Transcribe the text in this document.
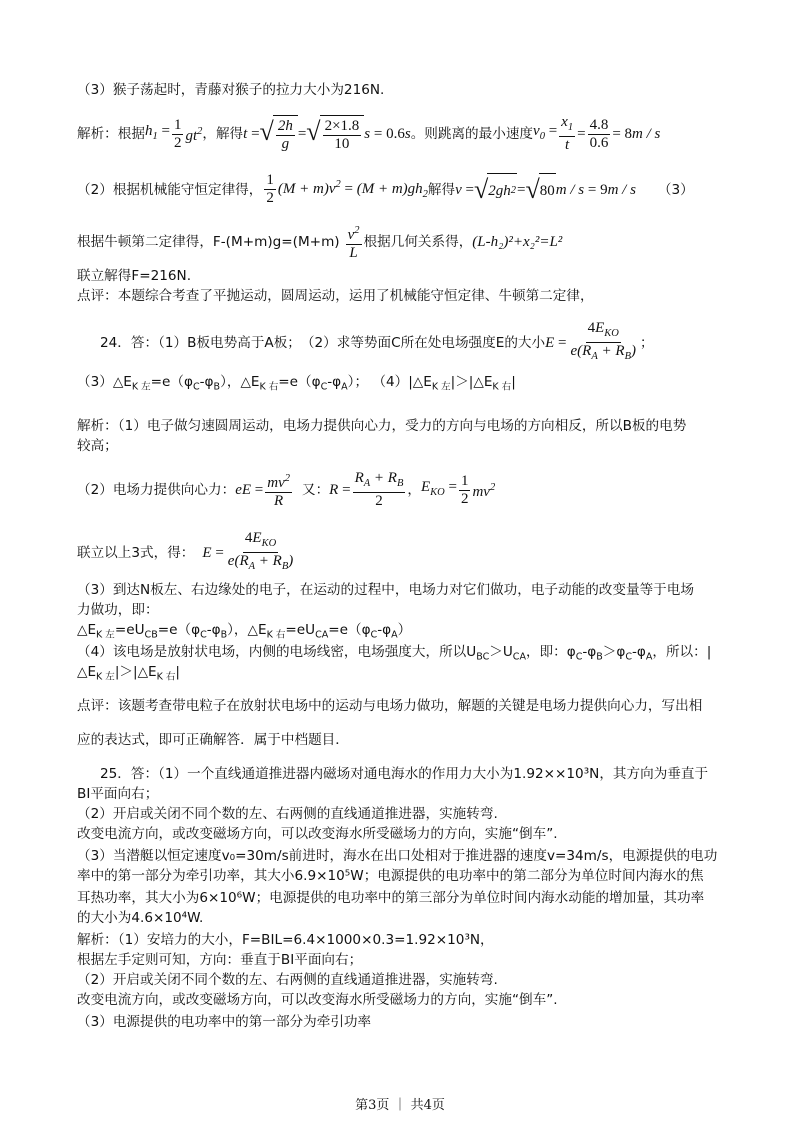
（3）猴子荡起时，青藤对猴子的拉力大小为216N.
解析：根据 $h_1 = \frac{1}{2} gt^2$ ，解得 t = √ $\frac{2h}{g}$ = √ $\frac{2\times 1.8}{10}$ s = 0.6s 。则跳离的最小速度 $v_0 = \frac{x_1}{t} = \frac{4.8}{0.6} = 8m / s$
（2）根据机械能守恒定律得， $\frac{1}{2} (M + m)v^2 = (M + m)gh_2$ 解得 v = √ 2gh 2 = √ 80 m / s = 9m / s （3）
根据牛顿第二定律得，$F-(M+m)g=(M+m) \frac{v^2}{L}$ 根据几何关系得， (L-h₂)²+x₂²=L²
联立解得F=216N.
点评：本题综合考查了平抛运动，圆周运动，运用了机械能守恒定律、牛顿第二定律，
24．答：（1）B板电势高于A板；　（2）求等势面C所在处电场强度E的大小 $E = \frac{4E_{KO}}{e(R_A + R_B)}$ ；
$(3)\triangle E_{K 左}=e(\varphi_C-\varphi_B)$，$\triangle E_{K 右}=e(\varphi_C-\varphi_A)$； $(4)|\triangle E_{K 左}|>|\triangle E_{K 右}|$
解析：（1）电子做匀速圆周运动，电场力提供向心力，受力的方向与电场的方向相反，所以B板的电势
较高；
（2）电场力提供向心力： eE = $\frac{mv^2}{R}$ 又： $R = \frac{R_A + R_B}{2}$ ， $E_{KO} = \frac{1}{2} mv^2$
联立以上3式，得： $E = \frac{4E_{KO}}{e(R_A + R_B)}$
（3）到达N板左、右边缘处的电子，在运动的过程中，电场力对它们做功，电子动能的改变量等于电场
力做功，即：
$\triangle E_{K 左}=eU_{CB}=e(\varphi_C-\varphi_B)$，$\triangle E_{K 右}=eU_{CA}=e(\varphi_C-\varphi_A)$
（4）该电场是放射状电场，内侧的电场线密，电场强度大，所以$U_{BC}>U_{CA}$，即：$\varphi_C-\varphi_B>\varphi_C-\varphi_A$，所以：|
$\triangle E_{K 左}|>|\triangle E_{K 右}|$
点评：该题考查带电粒子在放射状电场中的运动与电场力做功，解题的关键是电场力提供向心力，写出相
应的表达式，即可正确解答．属于中档题目．
25．答：（1）一个直线通道推进器内磁场对通电海水的作用力大小为1.92××10³N，其方向为垂直于
BI平面向右；
（2）开启或关闭不同个数的左、右两侧的直线通道推进器，实施转弯.
改变电流方向，或改变磁场方向，可以改变海水所受磁场力的方向，实施“倒车”.
（3）当潜艇以恒定速度v₀=30m/s前进时，海水在出口处相对于推进器的速度v=34m/s，电源提供的电功
率中的第一部分为牵引功率，其大小6.9×10⁵W；电源提供的电功率中的第二部分为单位时间内海水的焦
耳热功率，其大小为6×10⁶W；电源提供的电功率中的第三部分为单位时间内海水动能的增加量，其功率
的大小为4.6×10⁴W.
解析：（1）安培力的大小，F=BIL=6.4×1000×0.3=1.92×10³N，
根据左手定则可知，方向：垂直于BI平面向右；
（2）开启或关闭不同个数的左、右两侧的直线通道推进器，实施转弯.
改变电流方向，或改变磁场方向，可以改变海水所受磁场力的方向，实施“倒车”.
（3）电源提供的电功率中的第一部分为牵引功率
第3页 ｜ 共4页
